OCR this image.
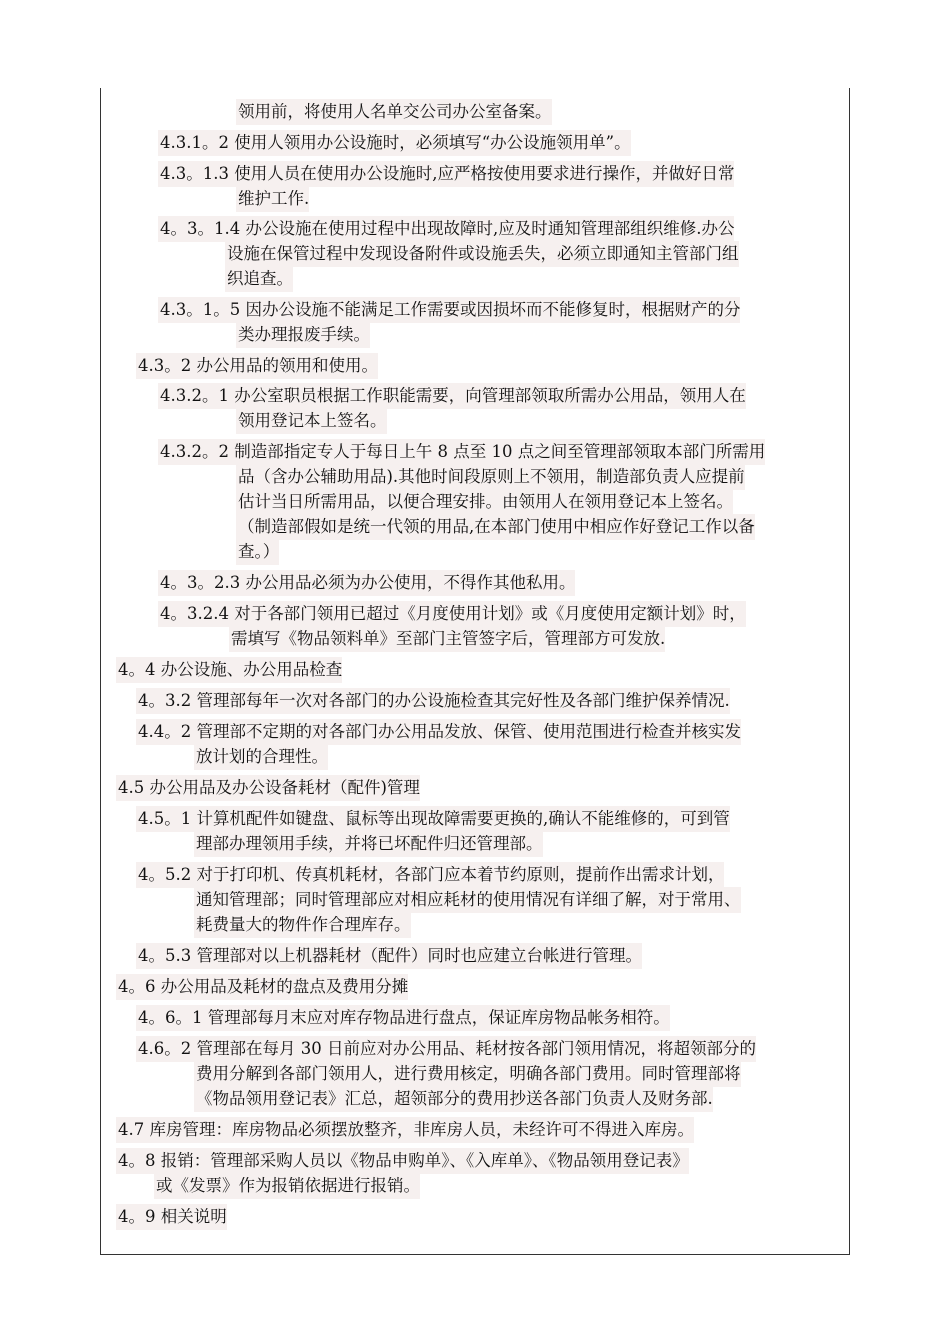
领用前，将使用人名单交公司办公室备案。
4.3.1。2 使用人领用办公设施时，必须填写“办公设施领用单”。
4.3。1.3 使用人员在使用办公设施时,应严格按使用要求进行操作，并做好日常
维护工作.
4。3。1.4 办公设施在使用过程中出现故障时,应及时通知管理部组织维修.办公
设施在保管过程中发现设备附件或设施丢失，必须立即通知主管部门组
织追查。
4.3。1。5 因办公设施不能满足工作需要或因损坏而不能修复时，根据财产的分
类办理报废手续。
4.3。2 办公用品的领用和使用。
4.3.2。1 办公室职员根据工作职能需要，向管理部领取所需办公用品，领用人在
领用登记本上签名。
4.3.2。2 制造部指定专人于每日上午 8 点至 10 点之间至管理部领取本部门所需用
品（含办公辅助用品).其他时间段原则上不领用，制造部负责人应提前
估计当日所需用品，以便合理安排。由领用人在领用登记本上签名。
（制造部假如是统一代领的用品,在本部门使用中相应作好登记工作以备
查。）
4。3。2.3 办公用品必须为办公使用，不得作其他私用。
4。3.2.4 对于各部门领用已超过《月度使用计划》或《月度使用定额计划》时，
需填写《物品领料单》至部门主管签字后，管理部方可发放.
4。4 办公设施、办公用品检查
4。3.2 管理部每年一次对各部门的办公设施检查其完好性及各部门维护保养情况.
4.4。2 管理部不定期的对各部门办公用品发放、保管、使用范围进行检查并核实发
放计划的合理性。
4.5 办公用品及办公设备耗材（配件)管理
4.5。1 计算机配件如键盘、鼠标等出现故障需要更换的,确认不能维修的，可到管
理部办理领用手续，并将已坏配件归还管理部。
4。5.2 对于打印机、传真机耗材，各部门应本着节约原则，提前作出需求计划，
通知管理部；同时管理部应对相应耗材的使用情况有详细了解，对于常用、
耗费量大的物件作合理库存。
4。5.3 管理部对以上机器耗材（配件）同时也应建立台帐进行管理。
4。6 办公用品及耗材的盘点及费用分摊
4。6。1 管理部每月末应对库存物品进行盘点，保证库房物品帐务相符。
4.6。2 管理部在每月 30 日前应对办公用品、耗材按各部门领用情况，将超领部分的
费用分解到各部门领用人，进行费用核定，明确各部门费用。同时管理部将
《物品领用登记表》汇总，超领部分的费用抄送各部门负责人及财务部.
4.7 库房管理：库房物品必须摆放整齐，非库房人员，未经许可不得进入库房。
4。8 报销：管理部采购人员以《物品申购单》、《入库单》、《物品领用登记表》
或《发票》作为报销依据进行报销。
4。9 相关说明
